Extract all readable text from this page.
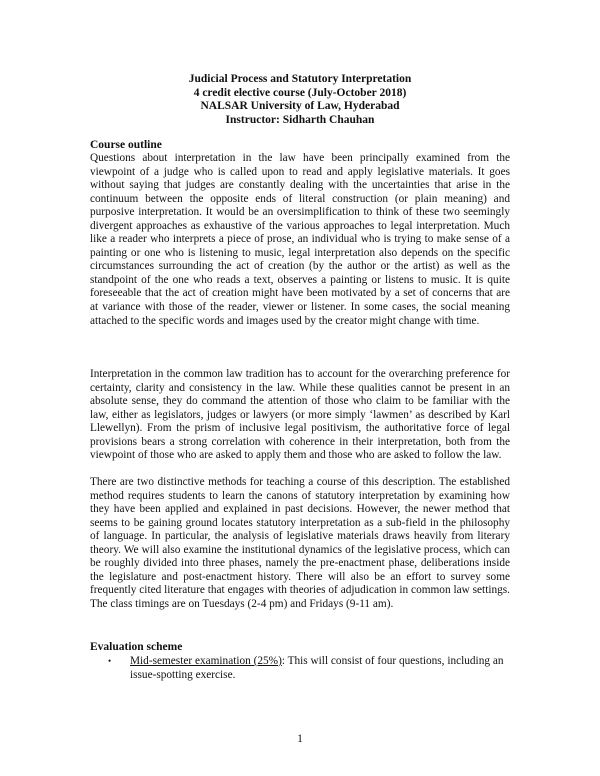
Judicial Process and Statutory Interpretation
4 credit elective course (July-October 2018)
NALSAR University of Law, Hyderabad
Instructor: Sidharth Chauhan
Course outline

Questions about interpretation in the law have been principally examined from the viewpoint of a judge who is called upon to read and apply legislative materials. It goes without saying that judges are constantly dealing with the uncertainties that arise in the continuum between the opposite ends of literal construction (or plain meaning) and purposive interpretation. It would be an oversimplification to think of these two seemingly divergent approaches as exhaustive of the various approaches to legal interpretation. Much like a reader who interprets a piece of prose, an individual who is trying to make sense of a painting or one who is listening to music, legal interpretation also depends on the specific circumstances surrounding the act of creation (by the author or the artist) as well as the standpoint of the one who reads a text, observes a painting or listens to music. It is quite foreseeable that the act of creation might have been motivated by a set of concerns that are at variance with those of the reader, viewer or listener. In some cases, the social meaning attached to the specific words and images used by the creator might change with time.

Interpretation in the common law tradition has to account for the overarching preference for certainty, clarity and consistency in the law. While these qualities cannot be present in an absolute sense, they do command the attention of those who claim to be familiar with the law, either as legislators, judges or lawyers (or more simply ‘lawmen’ as described by Karl Llewellyn). From the prism of inclusive legal positivism, the authoritative force of legal provisions bears a strong correlation with coherence in their interpretation, both from the viewpoint of those who are asked to apply them and those who are asked to follow the law.

There are two distinctive methods for teaching a course of this description. The established method requires students to learn the canons of statutory interpretation by examining how they have been applied and explained in past decisions. However, the newer method that seems to be gaining ground locates statutory interpretation as a sub-field in the philosophy of language. In particular, the analysis of legislative materials draws heavily from literary theory. We will also examine the institutional dynamics of the legislative process, which can be roughly divided into three phases, namely the pre-enactment phase, deliberations inside the legislature and post-enactment history. There will also be an effort to survey some frequently cited literature that engages with theories of adjudication in common law settings. The class timings are on Tuesdays (2-4 pm) and Fridays (9-11 am).

Evaluation scheme
•	Mid-semester examination (25%): This will consist of four questions, including an issue-spotting exercise.
1
